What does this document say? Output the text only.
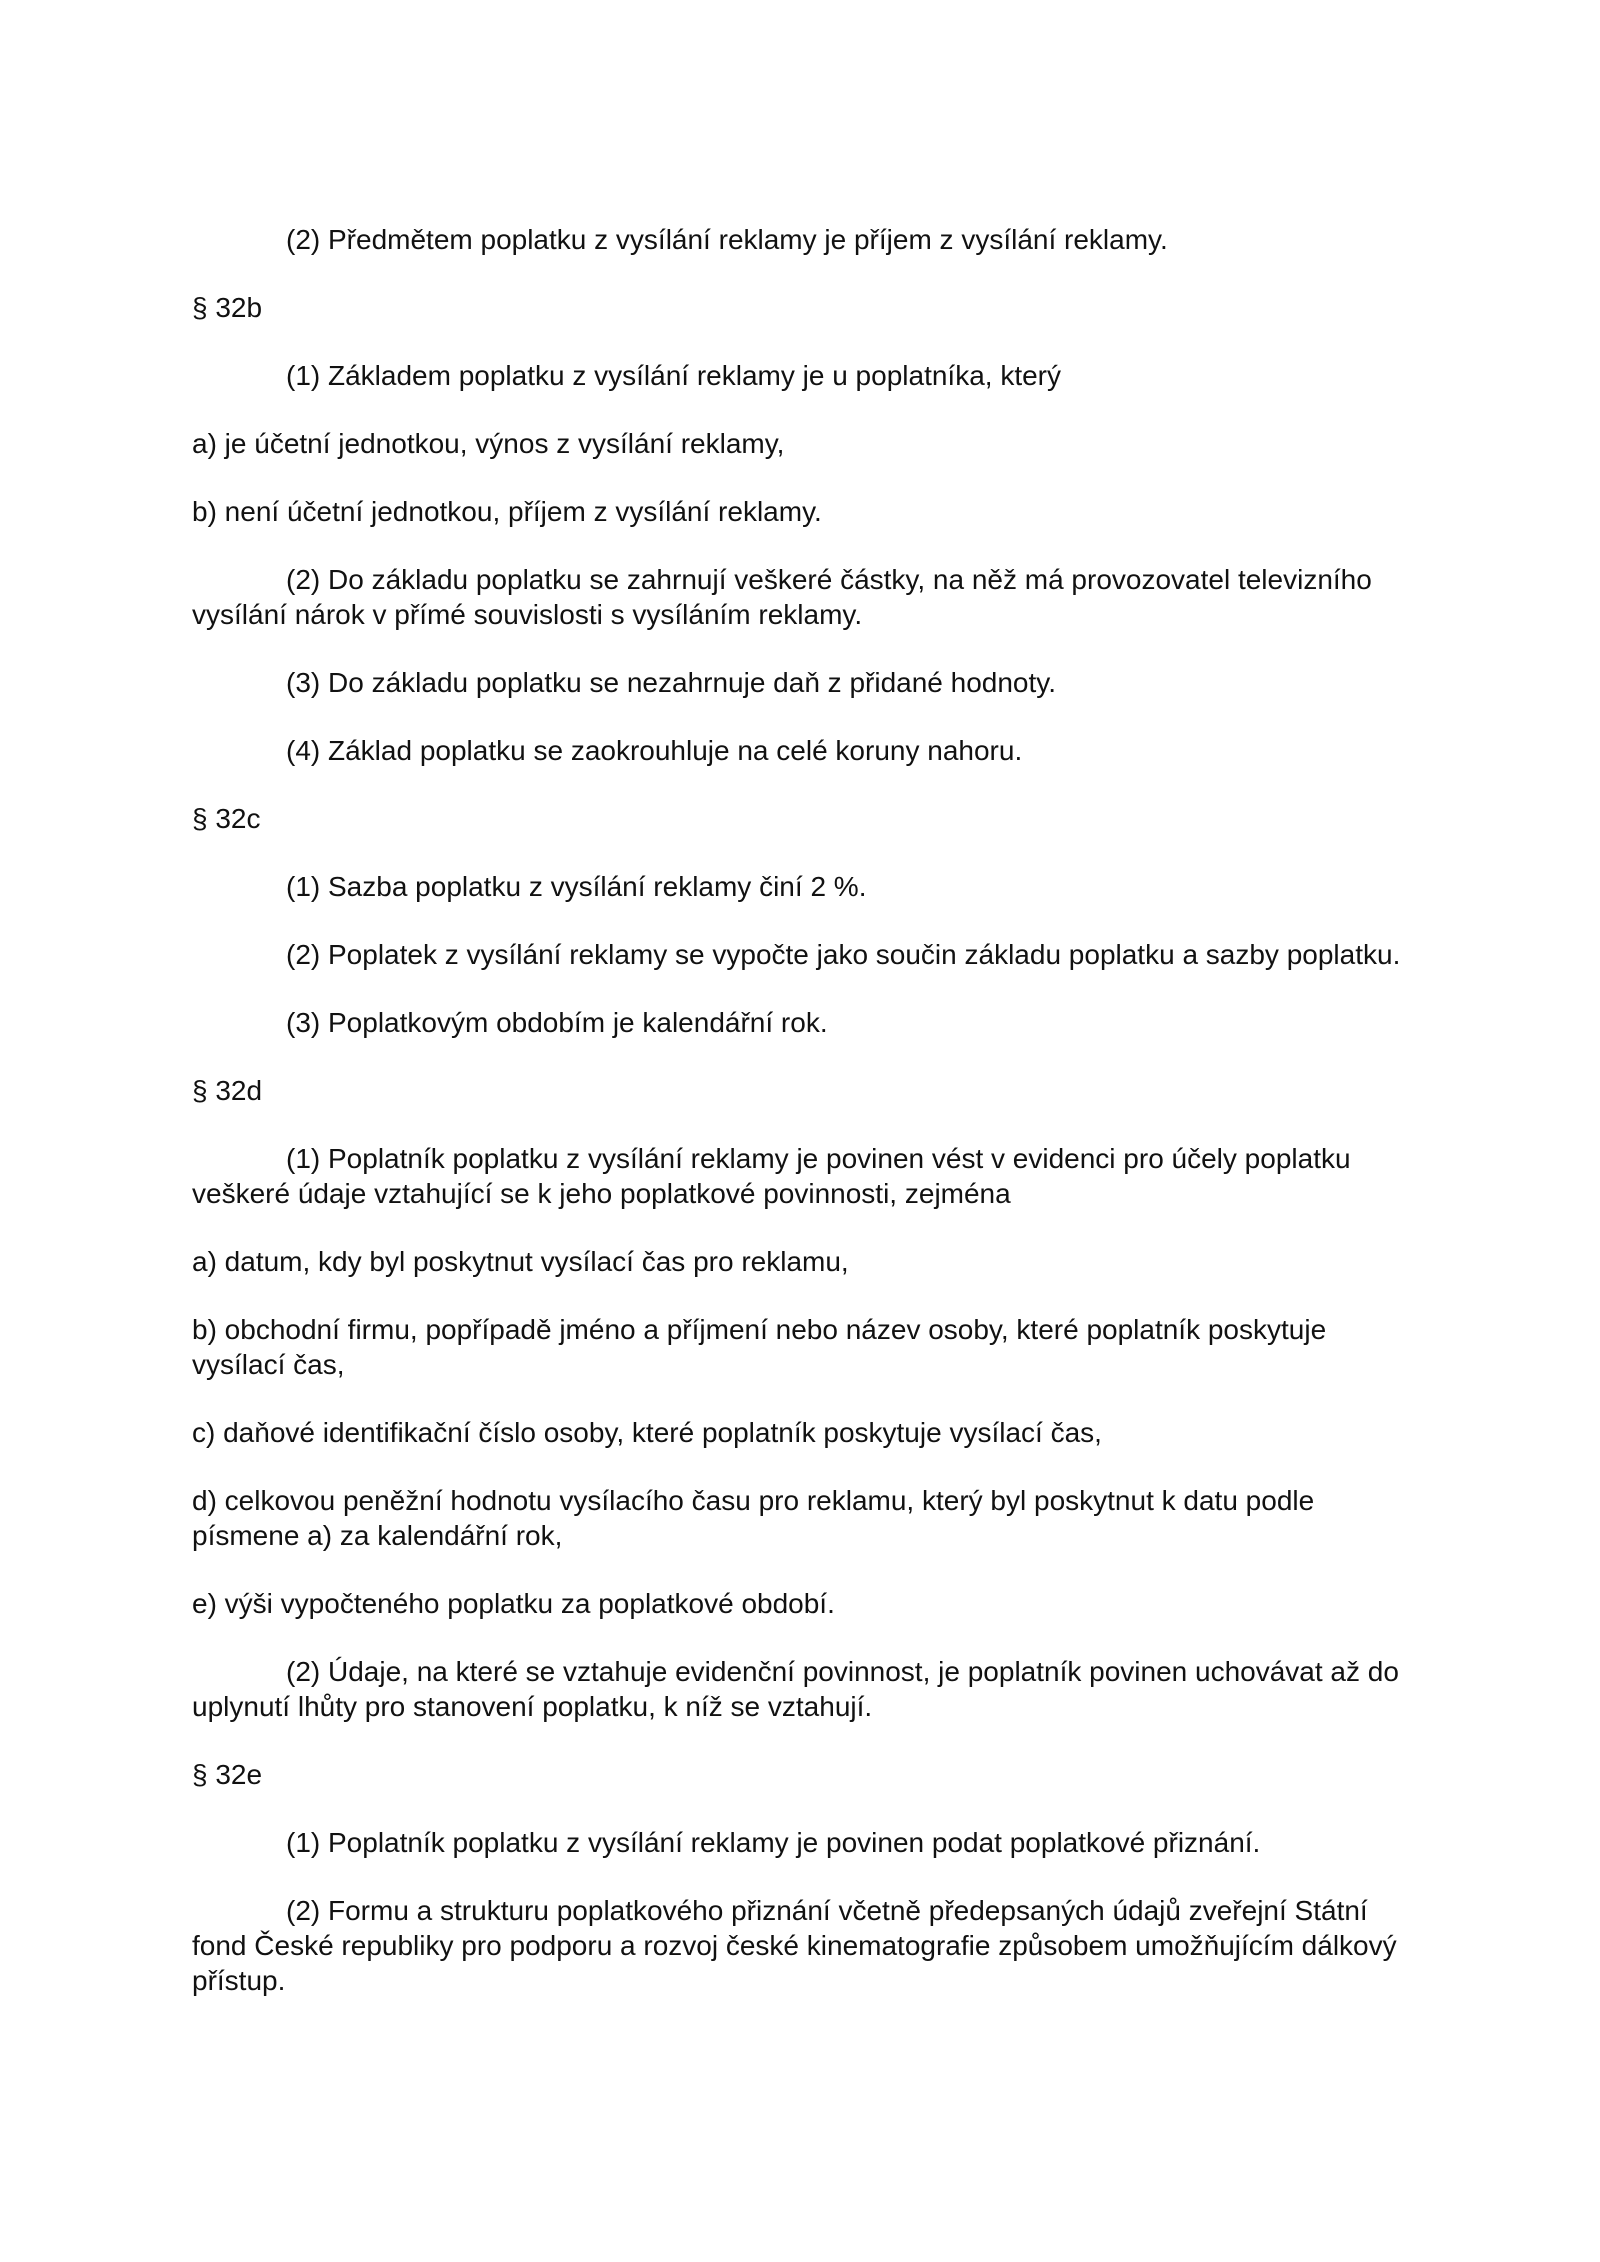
(2) Předmětem poplatku z vysílání reklamy je příjem z vysílání reklamy.

§ 32b

(1) Základem poplatku z vysílání reklamy je u poplatníka, který

a) je účetní jednotkou, výnos z vysílání reklamy,

b) není účetní jednotkou, příjem z vysílání reklamy.

(2) Do základu poplatku se zahrnují veškeré částky, na něž má provozovatel televizního vysílání nárok v přímé souvislosti s vysíláním reklamy.

(3) Do základu poplatku se nezahrnuje daň z přidané hodnoty.

(4) Základ poplatku se zaokrouhluje na celé koruny nahoru.

§ 32c

(1) Sazba poplatku z vysílání reklamy činí 2 %.

(2) Poplatek z vysílání reklamy se vypočte jako součin základu poplatku a sazby poplatku.

(3) Poplatkovým obdobím je kalendářní rok.

§ 32d

(1) Poplatník poplatku z vysílání reklamy je povinen vést v evidenci pro účely poplatku veškeré údaje vztahující se k jeho poplatkové povinnosti, zejména

a) datum, kdy byl poskytnut vysílací čas pro reklamu,

b) obchodní firmu, popřípadě jméno a příjmení nebo název osoby, které poplatník poskytuje vysílací čas,

c) daňové identifikační číslo osoby, které poplatník poskytuje vysílací čas,

d) celkovou peněžní hodnotu vysílacího času pro reklamu, který byl poskytnut k datu podle písmene a) za kalendářní rok,

e) výši vypočteného poplatku za poplatkové období.

(2) Údaje, na které se vztahuje evidenční povinnost, je poplatník povinen uchovávat až do uplynutí lhůty pro stanovení poplatku, k níž se vztahují.

§ 32e

(1) Poplatník poplatku z vysílání reklamy je povinen podat poplatkové přiznání.

(2) Formu a strukturu poplatkového přiznání včetně předepsaných údajů zveřejní Státní fond České republiky pro podporu a rozvoj české kinematografie způsobem umožňujícím dálkový přístup.
